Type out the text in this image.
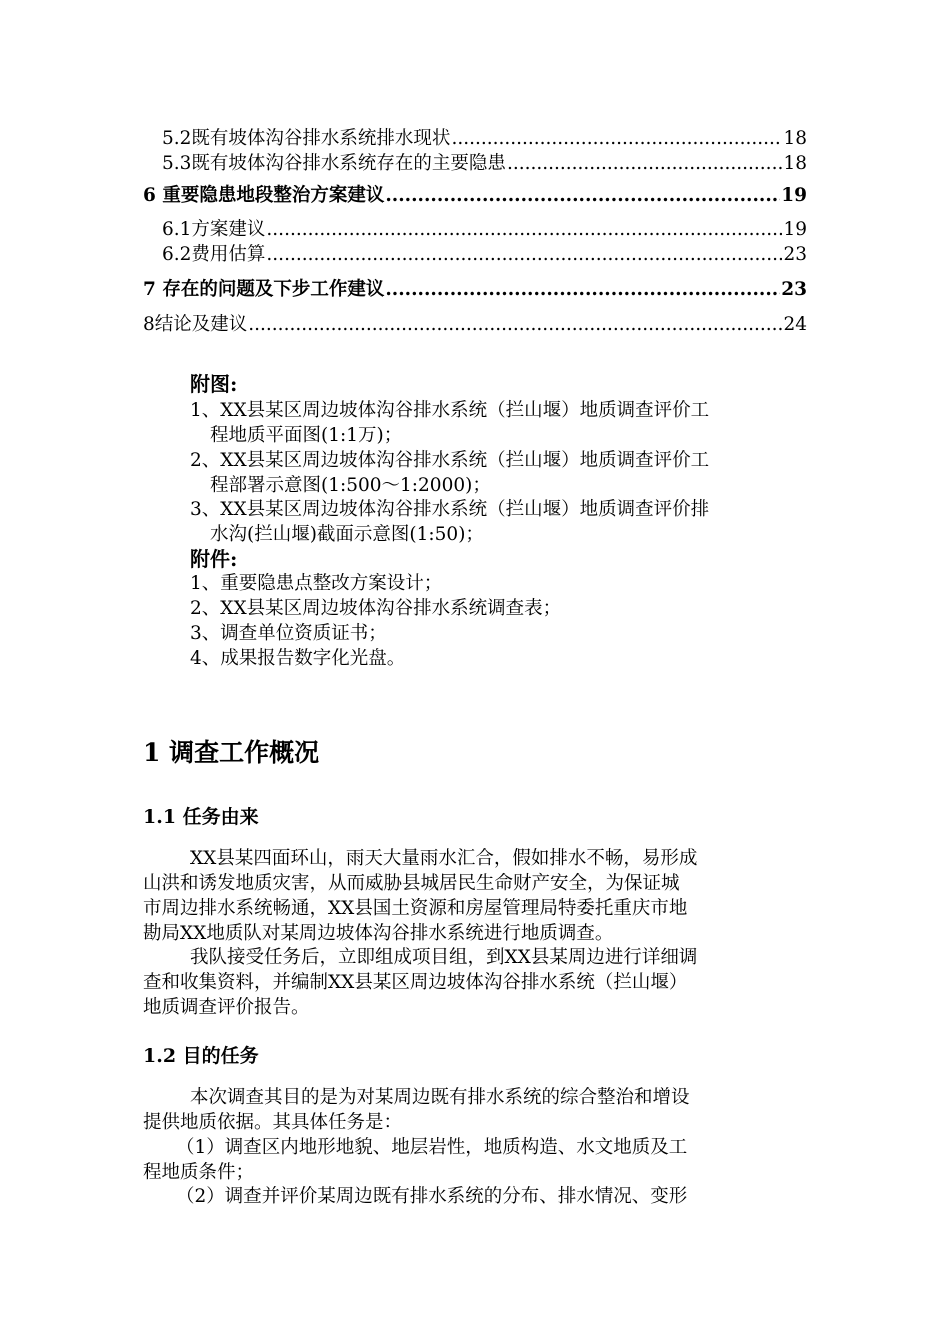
5.2既有坡体沟谷排水系统排水现状 .....	18
5.3既有坡体沟谷排水系统存在的主要隐患 .....	18
6 重要隐患地段整治方案建议 .....	19
6.1方案建议 .....	19
6.2费用估算 .....	23
7 存在的问题及下步工作建议 .....	23
8结论及建议 .....	24
附图:
1、XX县某区周边坡体沟谷排水系统（拦山堰）地质调查评价工
程地质平面图(1:1万)；
2、XX县某区周边坡体沟谷排水系统（拦山堰）地质调查评价工
程部署示意图(1:500～1:2000)；
3、XX县某区周边坡体沟谷排水系统（拦山堰）地质调查评价排
水沟(拦山堰)截面示意图(1:50)；
附件:
1、重要隐患点整改方案设计；
2、XX县某区周边坡体沟谷排水系统调查表；
3、调查单位资质证书；
4、成果报告数字化光盘。
1 调查工作概况
1.1 任务由来
XX县某四面环山，雨天大量雨水汇合，假如排水不畅，易形成
山洪和诱发地质灾害，从而威胁县城居民生命财产安全，为保证城
市周边排水系统畅通，XX县国土资源和房屋管理局特委托重庆市地
勘局XX地质队对某周边坡体沟谷排水系统进行地质调查。
我队接受任务后，立即组成项目组，到XX县某周边进行详细调
查和收集资料，并编制XX县某区周边坡体沟谷排水系统（拦山堰）
地质调查评价报告。
1.2 目的任务
本次调查其目的是为对某周边既有排水系统的综合整治和增设
提供地质依据。其具体任务是：
（1）调查区内地形地貌、地层岩性，地质构造、水文地质及工
程地质条件；
（2）调查并评价某周边既有排水系统的分布、排水情况、变形
